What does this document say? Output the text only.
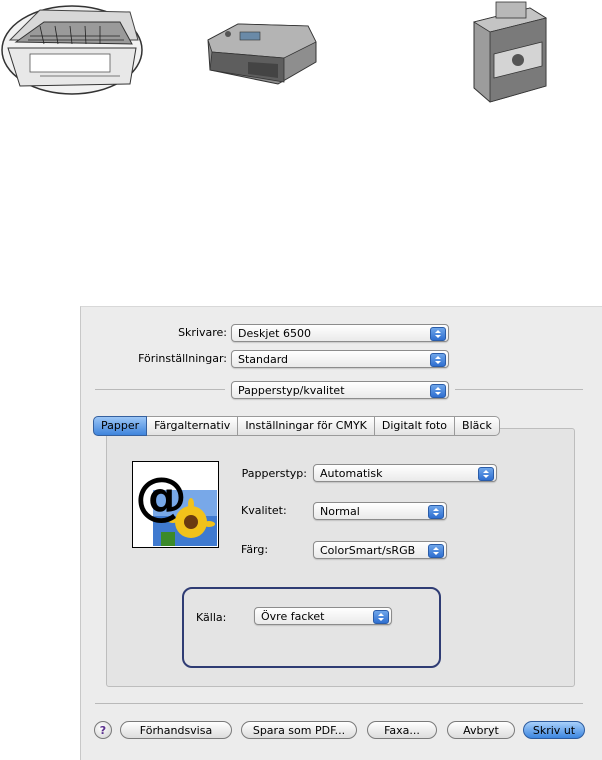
Skrivare: Deskjet 6500
Förinställningar: Standard
Papperstyp/kvalitet
@	Papperstyp: Automatisk
Kvalitet:	Normal
Färg:	ColorSmart/sRGB
Källa:	Övre facket
Papper	Färgalternativ	Inställningar för CMYK	Digitalt foto	Bläck
?	Förhandsvisa	Spara som PDF...	Faxa...	Avbryt	Skriv ut
